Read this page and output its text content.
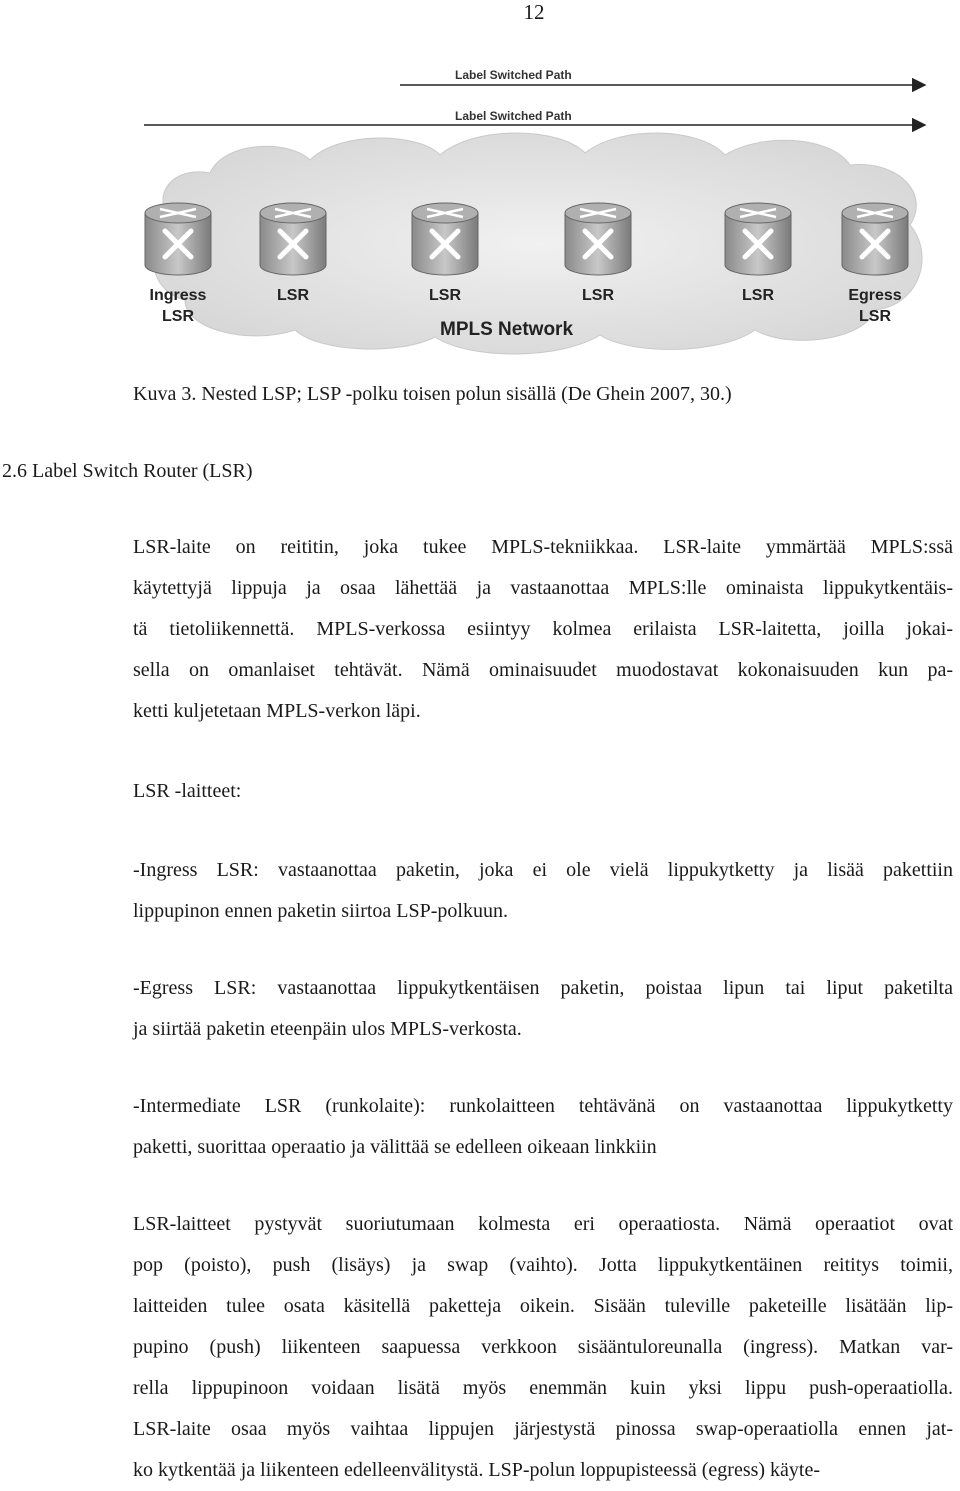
12
Label Switched Path
Label Switched Path
Ingress
LSR
LSR	LSR	LSR	LSR	Egress
LSR
MPLS Network
Kuva 3. Nested LSP; LSP -polku toisen polun sisällä (De Ghein 2007, 30.)
2.6 Label Switch Router (LSR)
LSR-laite on reititin, joka tukee MPLS-tekniikkaa. LSR-laite ymmärtää MPLS:ssä
käytettyjä lippuja ja osaa lähettää ja vastaanottaa MPLS:lle ominaista lippukytkentäis-
tä tietoliikennettä. MPLS-verkossa esiintyy kolmea erilaista LSR-laitetta, joilla jokai-
sella on omanlaiset tehtävät. Nämä ominaisuudet muodostavat kokonaisuuden kun pa-
ketti kuljetetaan MPLS-verkon läpi.
LSR -laitteet:
-Ingress LSR: vastaanottaa paketin, joka ei ole vielä lippukytketty ja lisää pakettiin
lippupinon ennen paketin siirtoa LSP-polkuun.
-Egress LSR: vastaanottaa lippukytkentäisen paketin, poistaa lipun tai liput paketilta
ja siirtää paketin eteenpäin ulos MPLS-verkosta.
-Intermediate LSR (runkolaite): runkolaitteen tehtävänä on vastaanottaa lippukytketty
paketti, suorittaa operaatio ja välittää se edelleen oikeaan linkkiin
LSR-laitteet pystyvät suoriutumaan kolmesta eri operaatiosta. Nämä operaatiot ovat
pop (poisto), push (lisäys) ja swap (vaihto). Jotta lippukytkentäinen reititys toimii,
laitteiden tulee osata käsitellä paketteja oikein. Sisään tuleville paketeille lisätään lip-
pupino (push) liikenteen saapuessa verkkoon sisääntuloreunalla (ingress). Matkan var-
rella lippupinoon voidaan lisätä myös enemmän kuin yksi lippu push-operaatiolla.
LSR-laite osaa myös vaihtaa lippujen järjestystä pinossa swap-operaatiolla ennen jat-
ko kytkentää ja liikenteen edelleenvälitystä. LSP-polun loppupisteessä (egress) käyte-
